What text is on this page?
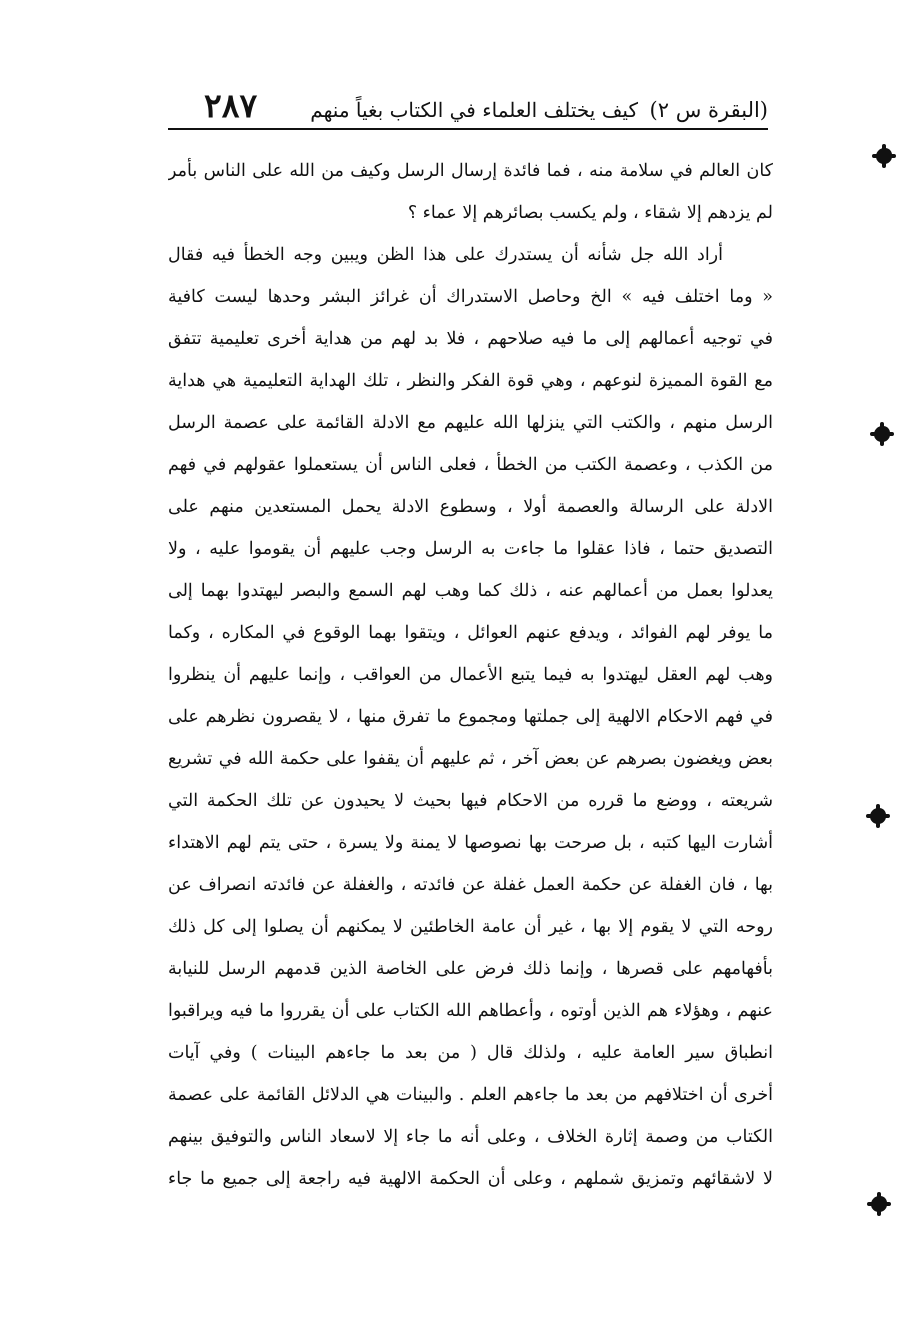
(البقرة س ٢)
كيف يختلف العلماء في الكتاب بغياً منهم
٢٨٧
كان العالم في سلامة منه ، فما فائدة إرسال الرسل وكيف من الله على الناس بأمر
لم يزدهم إلا شقاء ، ولم يكسب بصائرهم إلا عماء ؟
أراد الله جل شأنه أن يستدرك على هذا الظن ويبين وجه الخطأ فيه فقال
« وما اختلف فيه » الخ وحاصل الاستدراك أن غرائز البشر وحدها ليست كافية
في توجيه أعمالهم إلى ما فيه صلاحهم ، فلا بد لهم من هداية أخرى تعليمية تتفق
مع القوة المميزة لنوعهم ، وهي قوة الفكر والنظر ، تلك الهداية التعليمية هي هداية
الرسل منهم ، والكتب التي ينزلها الله عليهم مع الادلة القائمة على عصمة الرسل
من الكذب ، وعصمة الكتب من الخطأ ، فعلى الناس أن يستعملوا عقولهم في فهم
الادلة على الرسالة والعصمة أولا ، وسطوع الادلة يحمل المستعدين منهم على
التصديق حتما ، فاذا عقلوا ما جاءت به الرسل وجب عليهم أن يقوموا عليه ، ولا
يعدلوا بعمل من أعمالهم عنه ، ذلك كما وهب لهم السمع والبصر ليهتدوا بهما إلى
ما يوفر لهم الفوائد ، ويدفع عنهم العوائل ، ويتقوا بهما الوقوع في المكاره ، وكما
وهب لهم العقل ليهتدوا به فيما يتبع الأعمال من العواقب ، وإنما عليهم أن ينظروا
في فهم الاحكام الالهية إلى جملتها ومجموع ما تفرق منها ، لا يقصرون نظرهم على
بعض ويغضون بصرهم عن بعض آخر ، ثم عليهم أن يقفوا على حكمة الله في تشريع
شريعته ، ووضع ما قرره من الاحكام فيها بحيث لا يحيدون عن تلك الحكمة التي
أشارت اليها كتبه ، بل صرحت بها نصوصها لا يمنة ولا يسرة ، حتى يتم لهم الاهتداء
بها ، فان الغفلة عن حكمة العمل غفلة عن فائدته ، والغفلة عن فائدته انصراف عن
روحه التي لا يقوم إلا بها ، غير أن عامة الخاطئين لا يمكنهم أن يصلوا إلى كل ذلك
بأفهامهم على قصرها ، وإنما ذلك فرض على الخاصة الذين قدمهم الرسل للنيابة
عنهم ، وهؤلاء هم الذين أوتوه ، وأعطاهم الله الكتاب على أن يقرروا ما فيه ويراقبوا
انطباق سير العامة عليه ، ولذلك قال ( من بعد ما جاءهم البينات ) وفي آيات
أخرى أن اختلافهم من بعد ما جاءهم العلم . والبينات هي الدلائل القائمة على عصمة
الكتاب من وصمة إثارة الخلاف ، وعلى أنه ما جاء إلا لاسعاد الناس والتوفيق بينهم
لا لاشقائهم وتمزيق شملهم ، وعلى أن الحكمة الالهية فيه راجعة إلى جميع ما جاء
